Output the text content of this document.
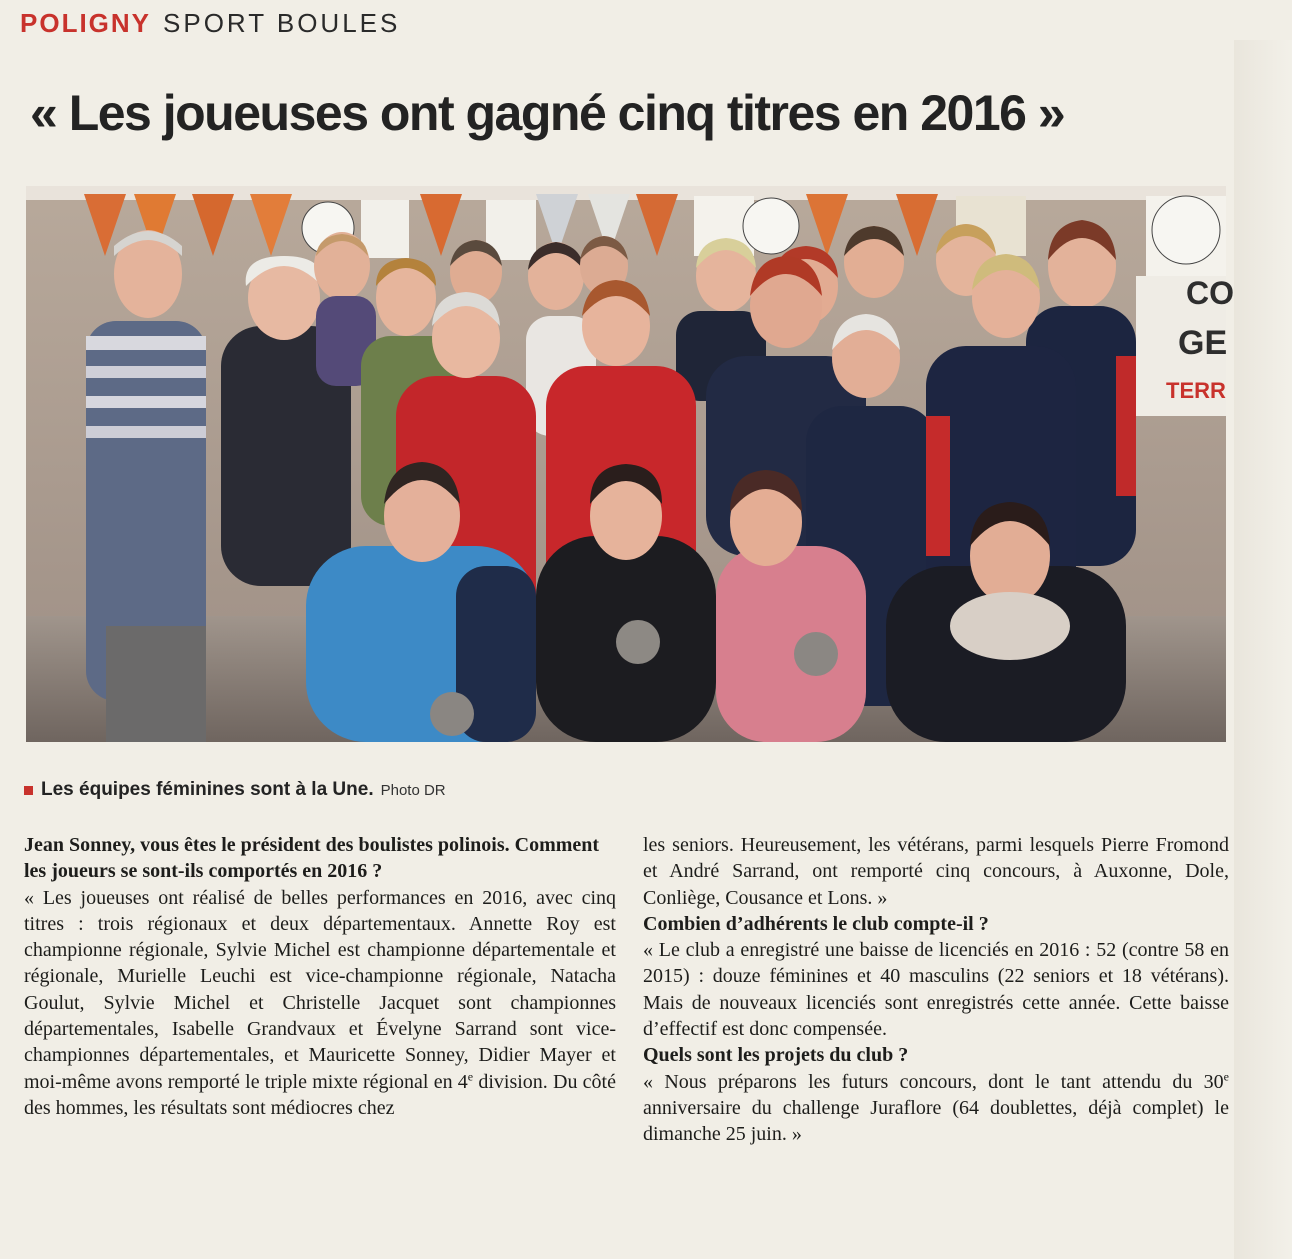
POLIGNY SPORT BOULES
« Les joueuses ont gagné cinq titres en 2016 »
CO
GE
TERR
Les équipes féminines sont à la Une. Photo DR

Jean Sonney, vous êtes le président des boulistes polinois. Comment les joueurs se sont-ils comportés en 2016 ?

« Les joueuses ont réalisé de belles performances en 2016, avec cinq titres : trois régionaux et deux départementaux. Annette Roy est championne régionale, Sylvie Michel est championne départementale et régionale, Murielle Leuchi est vice-championne régionale, Natacha Goulut, Sylvie Michel et Christelle Jacquet sont championnes départementales, Isabelle Grandvaux et Évelyne Sarrand sont vice-championnes départementales, et Mauricette Sonney, Didier Mayer et moi-même avons remporté le triple mixte régional en 4e division. Du côté des hommes, les résultats sont médiocres chez

les seniors. Heureusement, les vétérans, parmi lesquels Pierre Fromond et André Sarrand, ont remporté cinq concours, à Auxonne, Dole, Conliège, Cousance et Lons. »

Combien d’adhérents le club compte-il ?

« Le club a enregistré une baisse de licenciés en 2016 : 52 (contre 58 en 2015) : douze féminines et 40 masculins (22 seniors et 18 vétérans). Mais de nouveaux licenciés sont enregistrés cette année. Cette baisse d’effectif est donc compensée.

Quels sont les projets du club ?

« Nous préparons les futurs concours, dont le tant attendu du 30e anniversaire du challenge Juraflore (64 doublettes, déjà complet) le dimanche 25 juin. »
